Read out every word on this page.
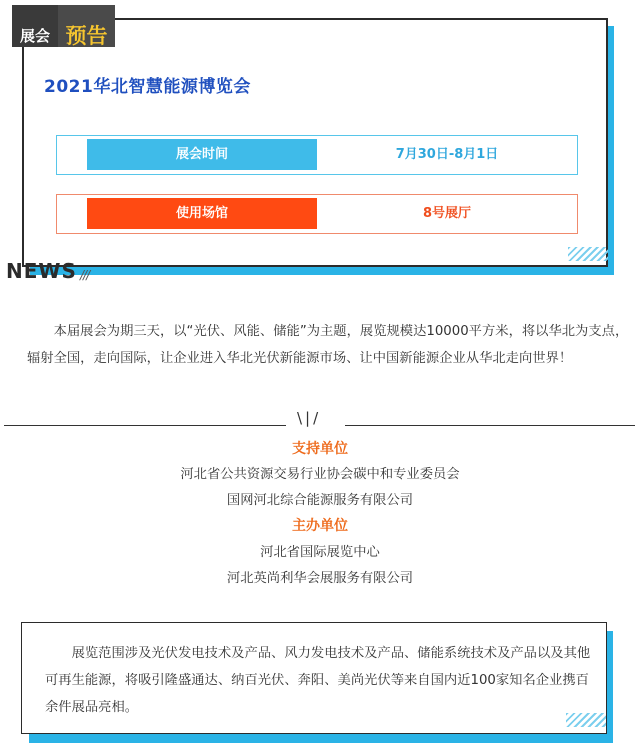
展会 预告
2021华北智慧能源博览会
展会时间	7月30日-8月1日
使用场馆	8号展厅
NEWS ///
本届展会为期三天，以“光伏、风能、储能”为主题，展览规模达10000平方米，将以华北为支点，辐射全国，走向国际，让企业进入华北光伏新能源市场、让中国新能源企业从华北走向世界！
\|/
支持单位
河北省公共资源交易行业协会碳中和专业委员会
国网河北综合能源服务有限公司
主办单位
河北省国际展览中心
河北英尚利华会展服务有限公司
展览范围涉及光伏发电技术及产品、风力发电技术及产品、储能系统技术及产品以及其他可再生能源，将吸引隆盛通达、纳百光伏、奔阳、美尚光伏等来自国内近100家知名企业携百余件展品亮相。
